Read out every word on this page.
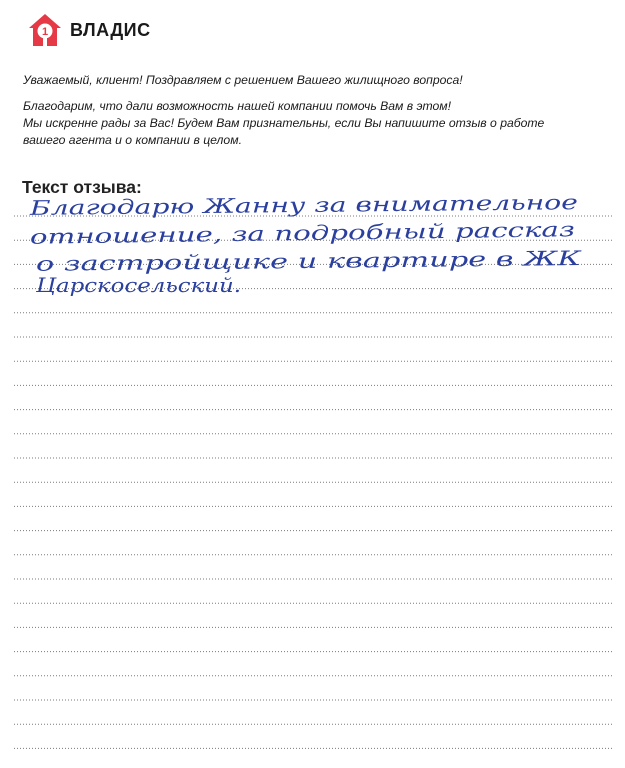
1 ВЛАДИС

Уважаемый, клиент! Поздравляем с решением Вашего жилищного вопроса!

Благодарим, что дали возможность нашей компании помочь Вам в этом!

Мы искренне рады за Вас! Будем Вам признательны, если Вы напишите отзыв о работе

вашего агента и о компании в целом.

Текст отзыва:
Благодарю Жанну за внимательное
отношение, за подробный рассказ
о застройщике и квартире в ЖК
Царскосельский.
